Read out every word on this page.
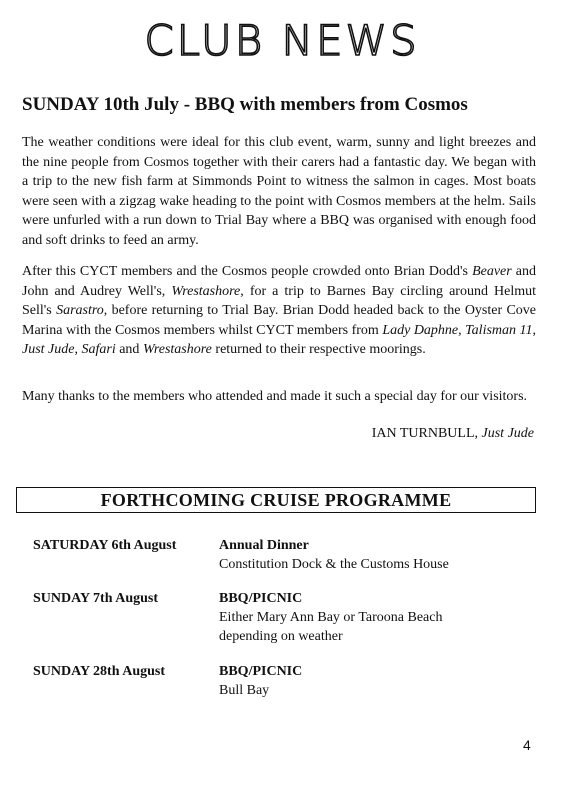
CLUB NEWS
SUNDAY 10th July - BBQ with members from Cosmos

The weather conditions were ideal for this club event, warm, sunny and light breezes and the nine people from Cosmos together with their carers had a fantastic day. We began with a trip to the new fish farm at Simmonds Point to witness the salmon in cages. Most boats were seen with a zigzag wake heading to the point with Cosmos members at the helm. Sails were unfurled with a run down to Trial Bay where a BBQ was organised with enough food and soft drinks to feed an army.

After this CYCT members and the Cosmos people crowded onto Brian Dodd's Beaver and John and Audrey Well's, Wrestashore, for a trip to Barnes Bay circling around Helmut Sell's Sarastro, before returning to Trial Bay. Brian Dodd headed back to the Oyster Cove Marina with the Cosmos members whilst CYCT members from Lady Daphne, Talisman 11, Just Jude, Safari and Wrestashore returned to their respective moorings.

Many thanks to the members who attended and made it such a special day for our visitors.

IAN TURNBULL, Just Jude
FORTHCOMING CRUISE PROGRAMME
SATURDAY 6th August	Annual Dinner
Constitution Dock & the Customs House
SUNDAY 7th August	BBQ/PICNIC
Either Mary Ann Bay or Taroona Beach
depending on weather
SUNDAY 28th August	BBQ/PICNIC
Bull Bay
4
